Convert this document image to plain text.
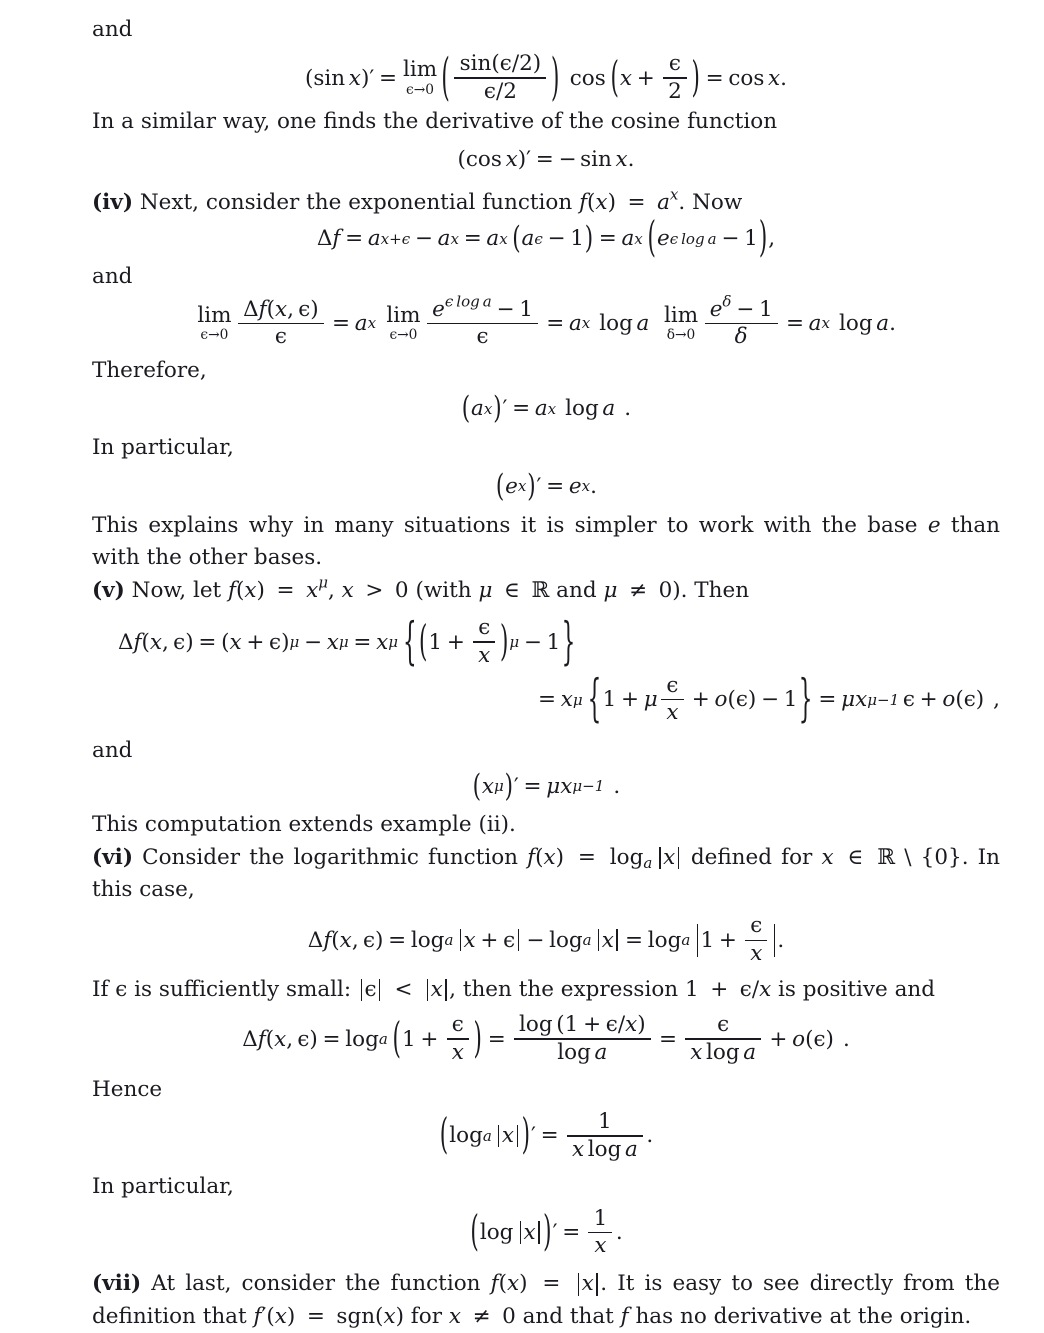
and

( sin x ) ′ = lim
ϵ→0 ( $\frac{\sin(\epsilon/2)}{\epsilon/2}$ ) cos ( $x + \frac{\epsilon}{2}$ ) = cos x .

In a similar way, one finds the derivative of the cosine function

( cos x ) ′ = − sin x .

(iv) Next, consider the exponential function $f(x) = a^x$. Now

Δ f = a x+ϵ − a x = a x ( a ϵ − 1 ) = a x ( e ϵ log a − 1 ) ,

and

lim
$\epsilon\to 0 \frac{\Delta f(x, \epsilon)}{\epsilon} = a$ x lim
$\epsilon\to 0 \frac{e^{\epsilon log a} - 1}{\epsilon} = a$ x log a lim
$\delta\to 0 \frac{e^\delta - 1}{\delta} = a$ x log a .

Therefore,

( a x ) ′ = a x log a .

In particular,

( e x ) ′ = e x .

This explains why in many situations it is simpler to work with the base e than with the other bases.

(v) Now, let $f(x) = x^\mu$, x > 0 (with μ ∈ ℝ and μ ≠ 0). Then

Δ f ( x ,  ϵ ) = ( x + ϵ ) μ − x μ = x μ { ( $1 + \frac{\epsilon}{x}$ ) μ − 1 }
= x μ { 1 + μ $\frac{\epsilon}{x} + o$ ( ϵ ) − 1 } = μ x μ−1 ϵ + o ( ϵ ) ,

and

( x μ ) ′ = μ x μ−1 .

This computation extends example (ii).

(vi) Consider the logarithmic function $f(x) = \log_a x$ defined for x ∈ ℝ \ {0}. In this case,

Δ f ( x ,  ϵ ) = log a x + ϵ − log a x = log a $1 + \frac{\epsilon}{x}$ .

If ϵ is sufficiently small: ϵ < x , then the expression 1 + ϵ/x is positive and

Δ f ( x ,  ϵ ) = log a ( $1 + \frac{\epsilon}{x}$ ) = $\frac{\log (1 + \epsilon/x)}{\text{log a}} = \frac{\epsilon}{\text{x log a}} + o$ ( ϵ ) .

Hence

( log a x ) ′ = $\frac{1}{\text{x log a}}$ .

In particular,

( log x ) ′ = $\frac{1}{x}$ .

(vii) At last, consider the function f(x) = x . It is easy to see directly from the definition that f′(x) = sgn(x) for x ≠ 0 and that f has no derivative at the origin.
